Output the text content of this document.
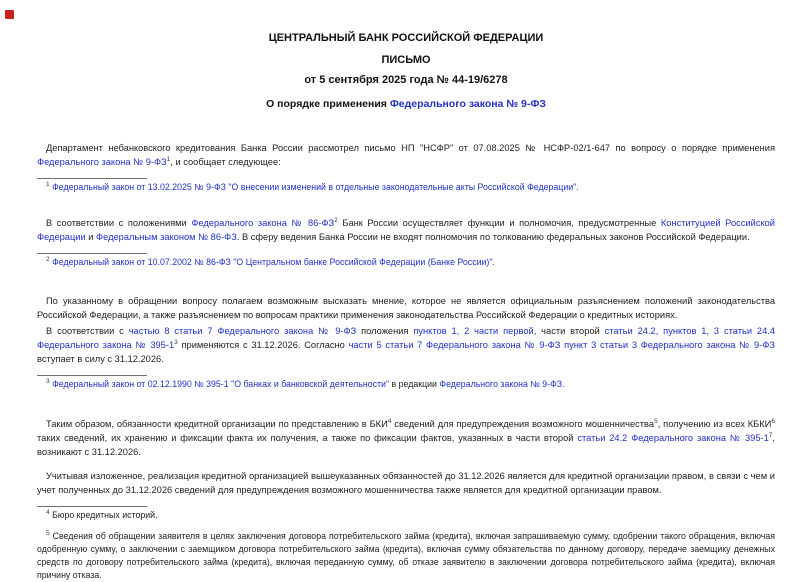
ЦЕНТРАЛЬНЫЙ БАНК РОССИЙСКОЙ ФЕДЕРАЦИИ
ПИСЬМО
от 5 сентября 2025 года № 44-19/6278
О порядке применения Федерального закона № 9-ФЗ
Департамент небанковского кредитования Банка России рассмотрел письмо НП "НСФР" от 07.08.2025 № НСФР-02/1-647 по вопросу о порядке применения Федерального закона № 9-ФЗ$^1$, и сообщает следующее:
$^1$ Федеральный закон от 13.02.2025 № 9-ФЗ "О внесении изменений в отдельные законодательные акты Российской Федерации".
В соответствии с положениями Федерального закона № 86-ФЗ$^2$ Банк России осуществляет функции и полномочия, предусмотренные Конституцией Российской Федерации и Федеральным законом № 86-ФЗ. В сферу ведения Банка России не входят полномочия по толкованию федеральных законов Российской Федерации.
$^2$ Федеральный закон от 10.07.2002 № 86-ФЗ "О Центральном банке Российской Федерации (Банке России)".
По указанному в обращении вопросу полагаем возможным высказать мнение, которое не является официальным разъяснением положений законодательства Российской Федерации, а также разъяснением по вопросам практики применения законодательства Российской Федерации о кредитных историях.
В соответствии с частью 8 статьи 7 Федерального закона № 9-ФЗ положения пунктов 1, 2 части первой, части второй статьи 24.2, пунктов 1, 3 статьи 24.4 Федерального закона № 395-1$^3$ применяются с 31.12.2026. Согласно части 5 статьи 7 Федерального закона № 9-ФЗ пункт 3 статьи 3 Федерального закона № 9-ФЗ вступает в силу с 31.12.2026.
$^3$ Федеральный закон от 02.12.1990 № 395-1 "О банках и банковской деятельности" в редакции Федерального закона № 9-ФЗ.
Таким образом, обязанности кредитной организации по представлению в БКИ$^4$ сведений для предупреждения возможного мошенничества$^5$, получению из всех КБКИ$^6$ таких сведений, их хранению и фиксации факта их получения, а также по фиксации фактов, указанных в части второй статьи 24.2 Федерального закона № 395-1$^7$, возникают с 31.12.2026.
Учитывая изложенное, реализация кредитной организацией вышеуказанных обязанностей до 31.12.2026 является для кредитной организации правом, в связи с чем и учет полученных до 31.12.2026 сведений для предупреждения возможного мошенничества также является для кредитной организации правом.
$^4$ Бюро кредитных историй.
$^5$ Сведения об обращении заявителя в целях заключения договора потребительского займа (кредита), включая запрашиваемую сумму, одобрении такого обращения, включая одобренную сумму, о заключении с заемщиком договора потребительского займа (кредита), включая сумму обязательства по данному договору, передаче заемщику денежных средств по договору потребительского займа (кредита), включая переданную сумму, об отказе заявителю в заключении договора потребительского займа (кредита), включая причину отказа.
